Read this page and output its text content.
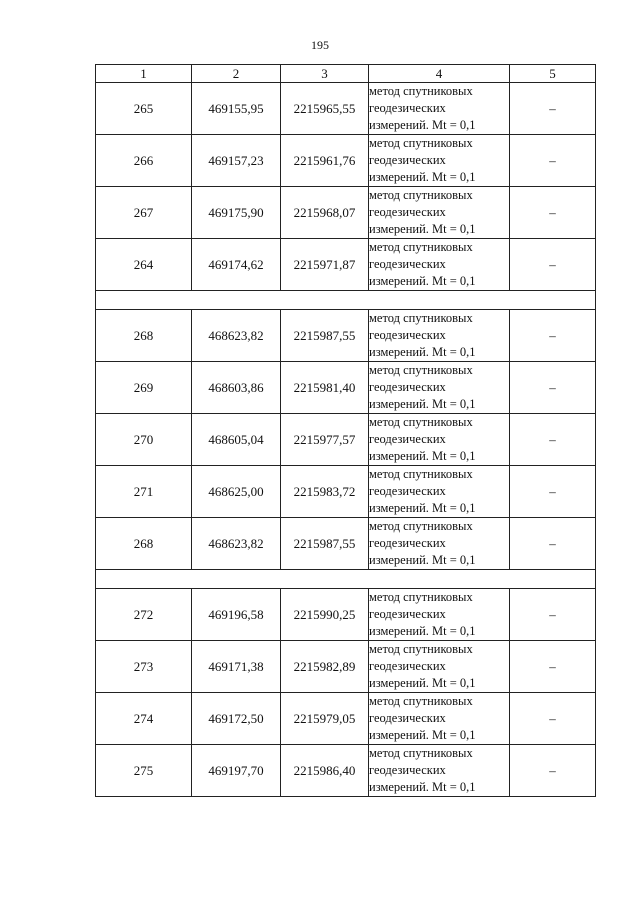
195
1	2	3	4	5
265	469155,95	2215965,55	метод спутниковых
геодезических
измерений. Mt = 0,1	–
266	469157,23	2215961,76	метод спутниковых
геодезических
измерений. Mt = 0,1	–
267	469175,90	2215968,07	метод спутниковых
геодезических
измерений. Mt = 0,1	–
264	469174,62	2215971,87	метод спутниковых
геодезических
измерений. Mt = 0,1	–

268	468623,82	2215987,55	метод спутниковых
геодезических
измерений. Mt = 0,1	–
269	468603,86	2215981,40	метод спутниковых
геодезических
измерений. Mt = 0,1	–
270	468605,04	2215977,57	метод спутниковых
геодезических
измерений. Mt = 0,1	–
271	468625,00	2215983,72	метод спутниковых
геодезических
измерений. Mt = 0,1	–
268	468623,82	2215987,55	метод спутниковых
геодезических
измерений. Mt = 0,1	–

272	469196,58	2215990,25	метод спутниковых
геодезических
измерений. Mt = 0,1	–
273	469171,38	2215982,89	метод спутниковых
геодезических
измерений. Mt = 0,1	–
274	469172,50	2215979,05	метод спутниковых
геодезических
измерений. Mt = 0,1	–
275	469197,70	2215986,40	метод спутниковых
геодезических
измерений. Mt = 0,1	–
